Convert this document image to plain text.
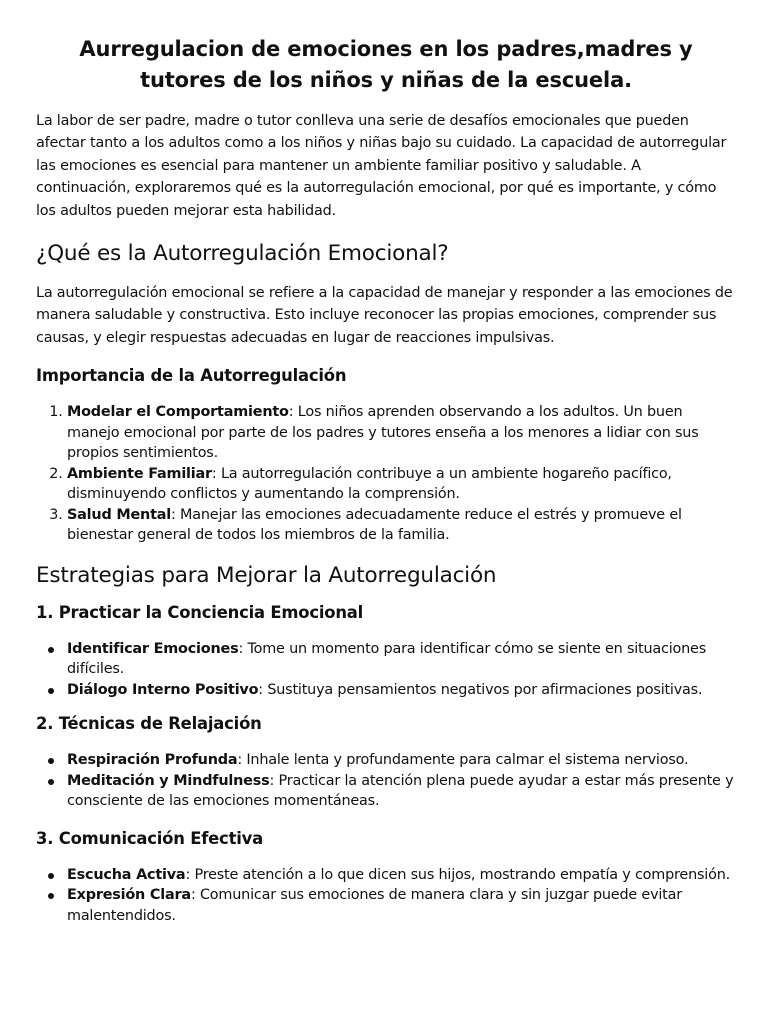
Aurregulacion de emociones en los padres,madres y tutores de los niños y niñas de la escuela.

La labor de ser padre, madre o tutor conlleva una serie de desafíos emocionales que pueden afectar tanto a los adultos como a los niños y niñas bajo su cuidado. La capacidad de autorregular las emociones es esencial para mantener un ambiente familiar positivo y saludable. A continuación, exploraremos qué es la autorregulación emocional, por qué es importante, y cómo los adultos pueden mejorar esta habilidad.

¿Qué es la Autorregulación Emocional?

La autorregulación emocional se refiere a la capacidad de manejar y responder a las emociones de manera saludable y constructiva. Esto incluye reconocer las propias emociones, comprender sus causas, y elegir respuestas adecuadas en lugar de reacciones impulsivas.

Importancia de la Autorregulación
1. Modelar el Comportamiento: Los niños aprenden observando a los adultos. Un buen manejo emocional por parte de los padres y tutores enseña a los menores a lidiar con sus propios sentimientos.
2. Ambiente Familiar: La autorregulación contribuye a un ambiente hogareño pacífico, disminuyendo conflictos y aumentando la comprensión.
3. Salud Mental: Manejar las emociones adecuadamente reduce el estrés y promueve el bienestar general de todos los miembros de la familia.
Estrategias para Mejorar la Autorregulación
1. Practicar la Conciencia Emocional
Identificar Emociones: Tome un momento para identificar cómo se siente en situaciones difíciles.
Diálogo Interno Positivo: Sustituya pensamientos negativos por afirmaciones positivas.
2. Técnicas de Relajación
Respiración Profunda: Inhale lenta y profundamente para calmar el sistema nervioso.
Meditación y Mindfulness: Practicar la atención plena puede ayudar a estar más presente y consciente de las emociones momentáneas.
3. Comunicación Efectiva
Escucha Activa: Preste atención a lo que dicen sus hijos, mostrando empatía y comprensión.
Expresión Clara: Comunicar sus emociones de manera clara y sin juzgar puede evitar malentendidos.
